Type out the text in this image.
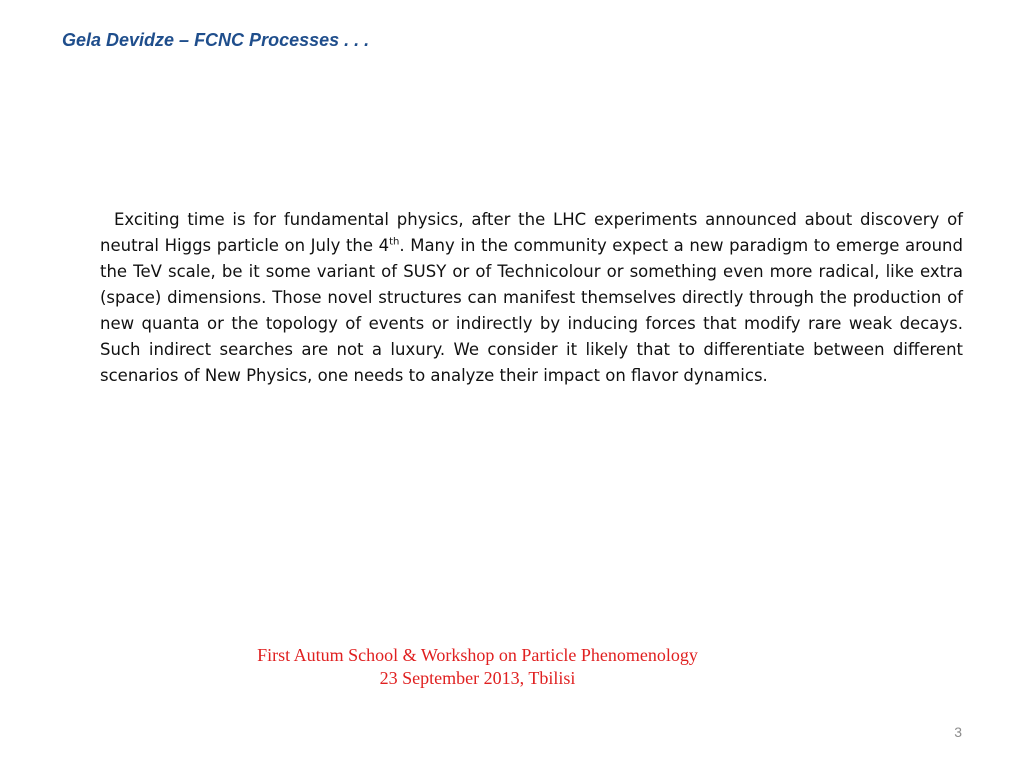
Gela Devidze – FCNC Processes . . .

Exciting time is for fundamental physics, after the LHC experiments announced about discovery of neutral Higgs particle on July the 4th. Many in the community expect a new paradigm to emerge around the TeV scale, be it some variant of SUSY or of Technicolour or something even more radical, like extra (space) dimensions. Those novel structures can manifest themselves directly through the production of new quanta or the topology of events or indirectly by inducing forces that modify rare weak decays. Such indirect searches are not a luxury. We consider it likely that to differentiate between different scenarios of New Physics, one needs to analyze their impact on flavor dynamics.

First Autum School & Workshop on Particle Phenomenology
23 September 2013, Tbilisi
3
